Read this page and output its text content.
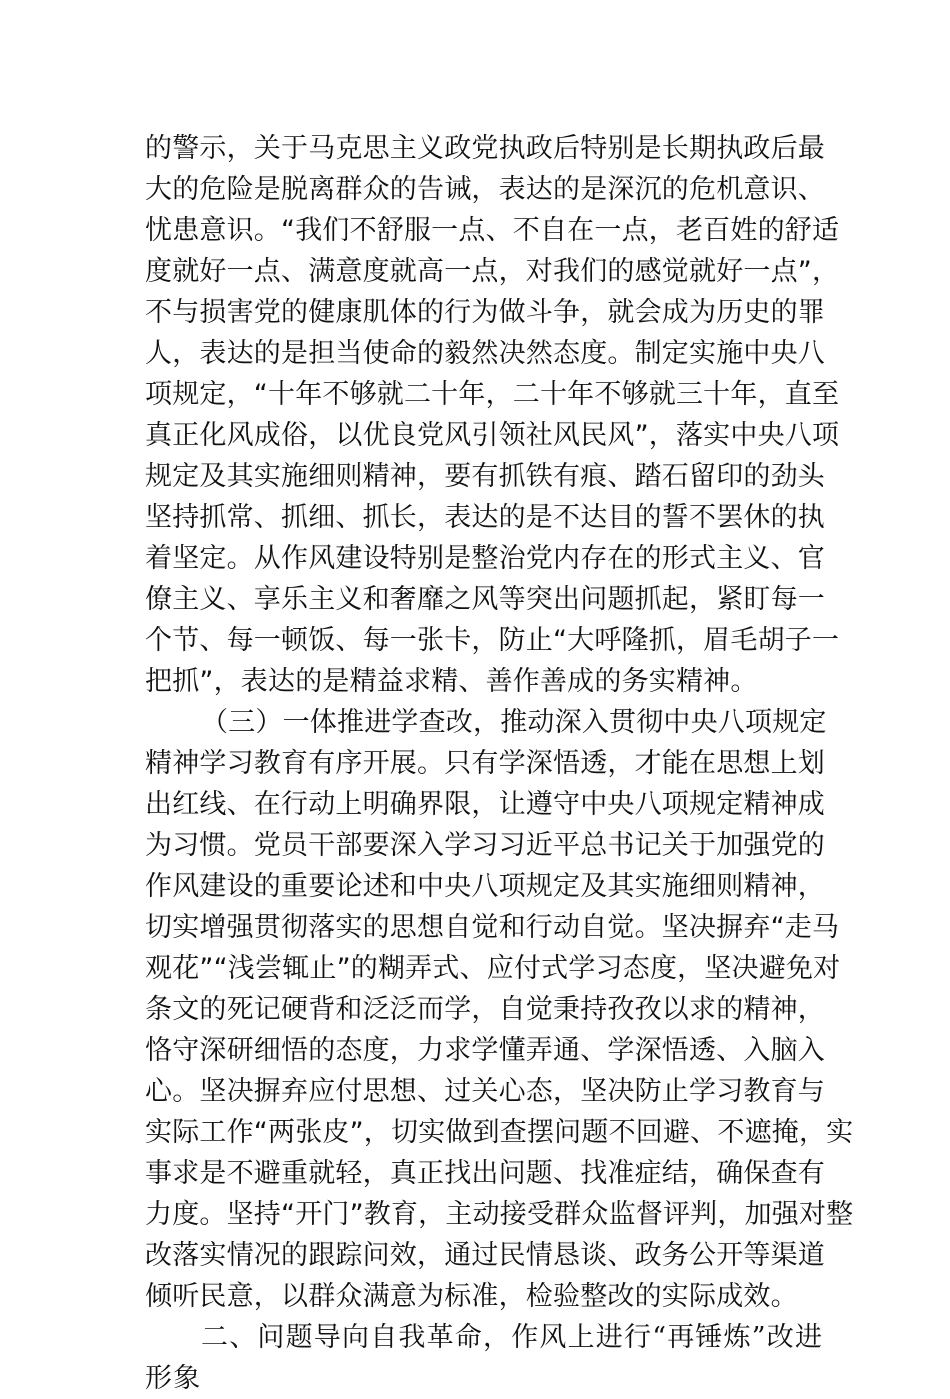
的警示，关于马克思主义政党执政后特别是长期执政后最
大的危险是脱离群众的告诫，表达的是深沉的危机意识、
忧患意识。“我们不舒服一点、不自在一点，老百姓的舒适
度就好一点、满意度就高一点，对我们的感觉就好一点”，
不与损害党的健康肌体的行为做斗争，就会成为历史的罪
人，表达的是担当使命的毅然决然态度。制定实施中央八
项规定，“十年不够就二十年，二十年不够就三十年，直至
真正化风成俗，以优良党风引领社风民风”，落实中央八项
规定及其实施细则精神，要有抓铁有痕、踏石留印的劲头
坚持抓常、抓细、抓长，表达的是不达目的誓不罢休的执
着坚定。从作风建设特别是整治党内存在的形式主义、官
僚主义、享乐主义和奢靡之风等突出问题抓起，紧盯每一
个节、每一顿饭、每一张卡，防止“大呼隆抓，眉毛胡子一
把抓”，表达的是精益求精、善作善成的务实精神。
（三）一体推进学查改，推动深入贯彻中央八项规定
精神学习教育有序开展。只有学深悟透，才能在思想上划
出红线、在行动上明确界限，让遵守中央八项规定精神成
为习惯。党员干部要深入学习习近平总书记关于加强党的
作风建设的重要论述和中央八项规定及其实施细则精神，
切实增强贯彻落实的思想自觉和行动自觉。坚决摒弃“走马
观花”“浅尝辄止”的糊弄式、应付式学习态度，坚决避免对
条文的死记硬背和泛泛而学，自觉秉持孜孜以求的精神，
恪守深研细悟的态度，力求学懂弄通、学深悟透、入脑入
心。坚决摒弃应付思想、过关心态，坚决防止学习教育与
实际工作“两张皮”，切实做到查摆问题不回避、不遮掩，实
事求是不避重就轻，真正找出问题、找准症结，确保查有
力度。坚持“开门”教育，主动接受群众监督评判，加强对整
改落实情况的跟踪问效，通过民情恳谈、政务公开等渠道
倾听民意，以群众满意为标准，检验整改的实际成效。
二、问题导向自我革命，作风上进行“再锤炼”改进
形象
